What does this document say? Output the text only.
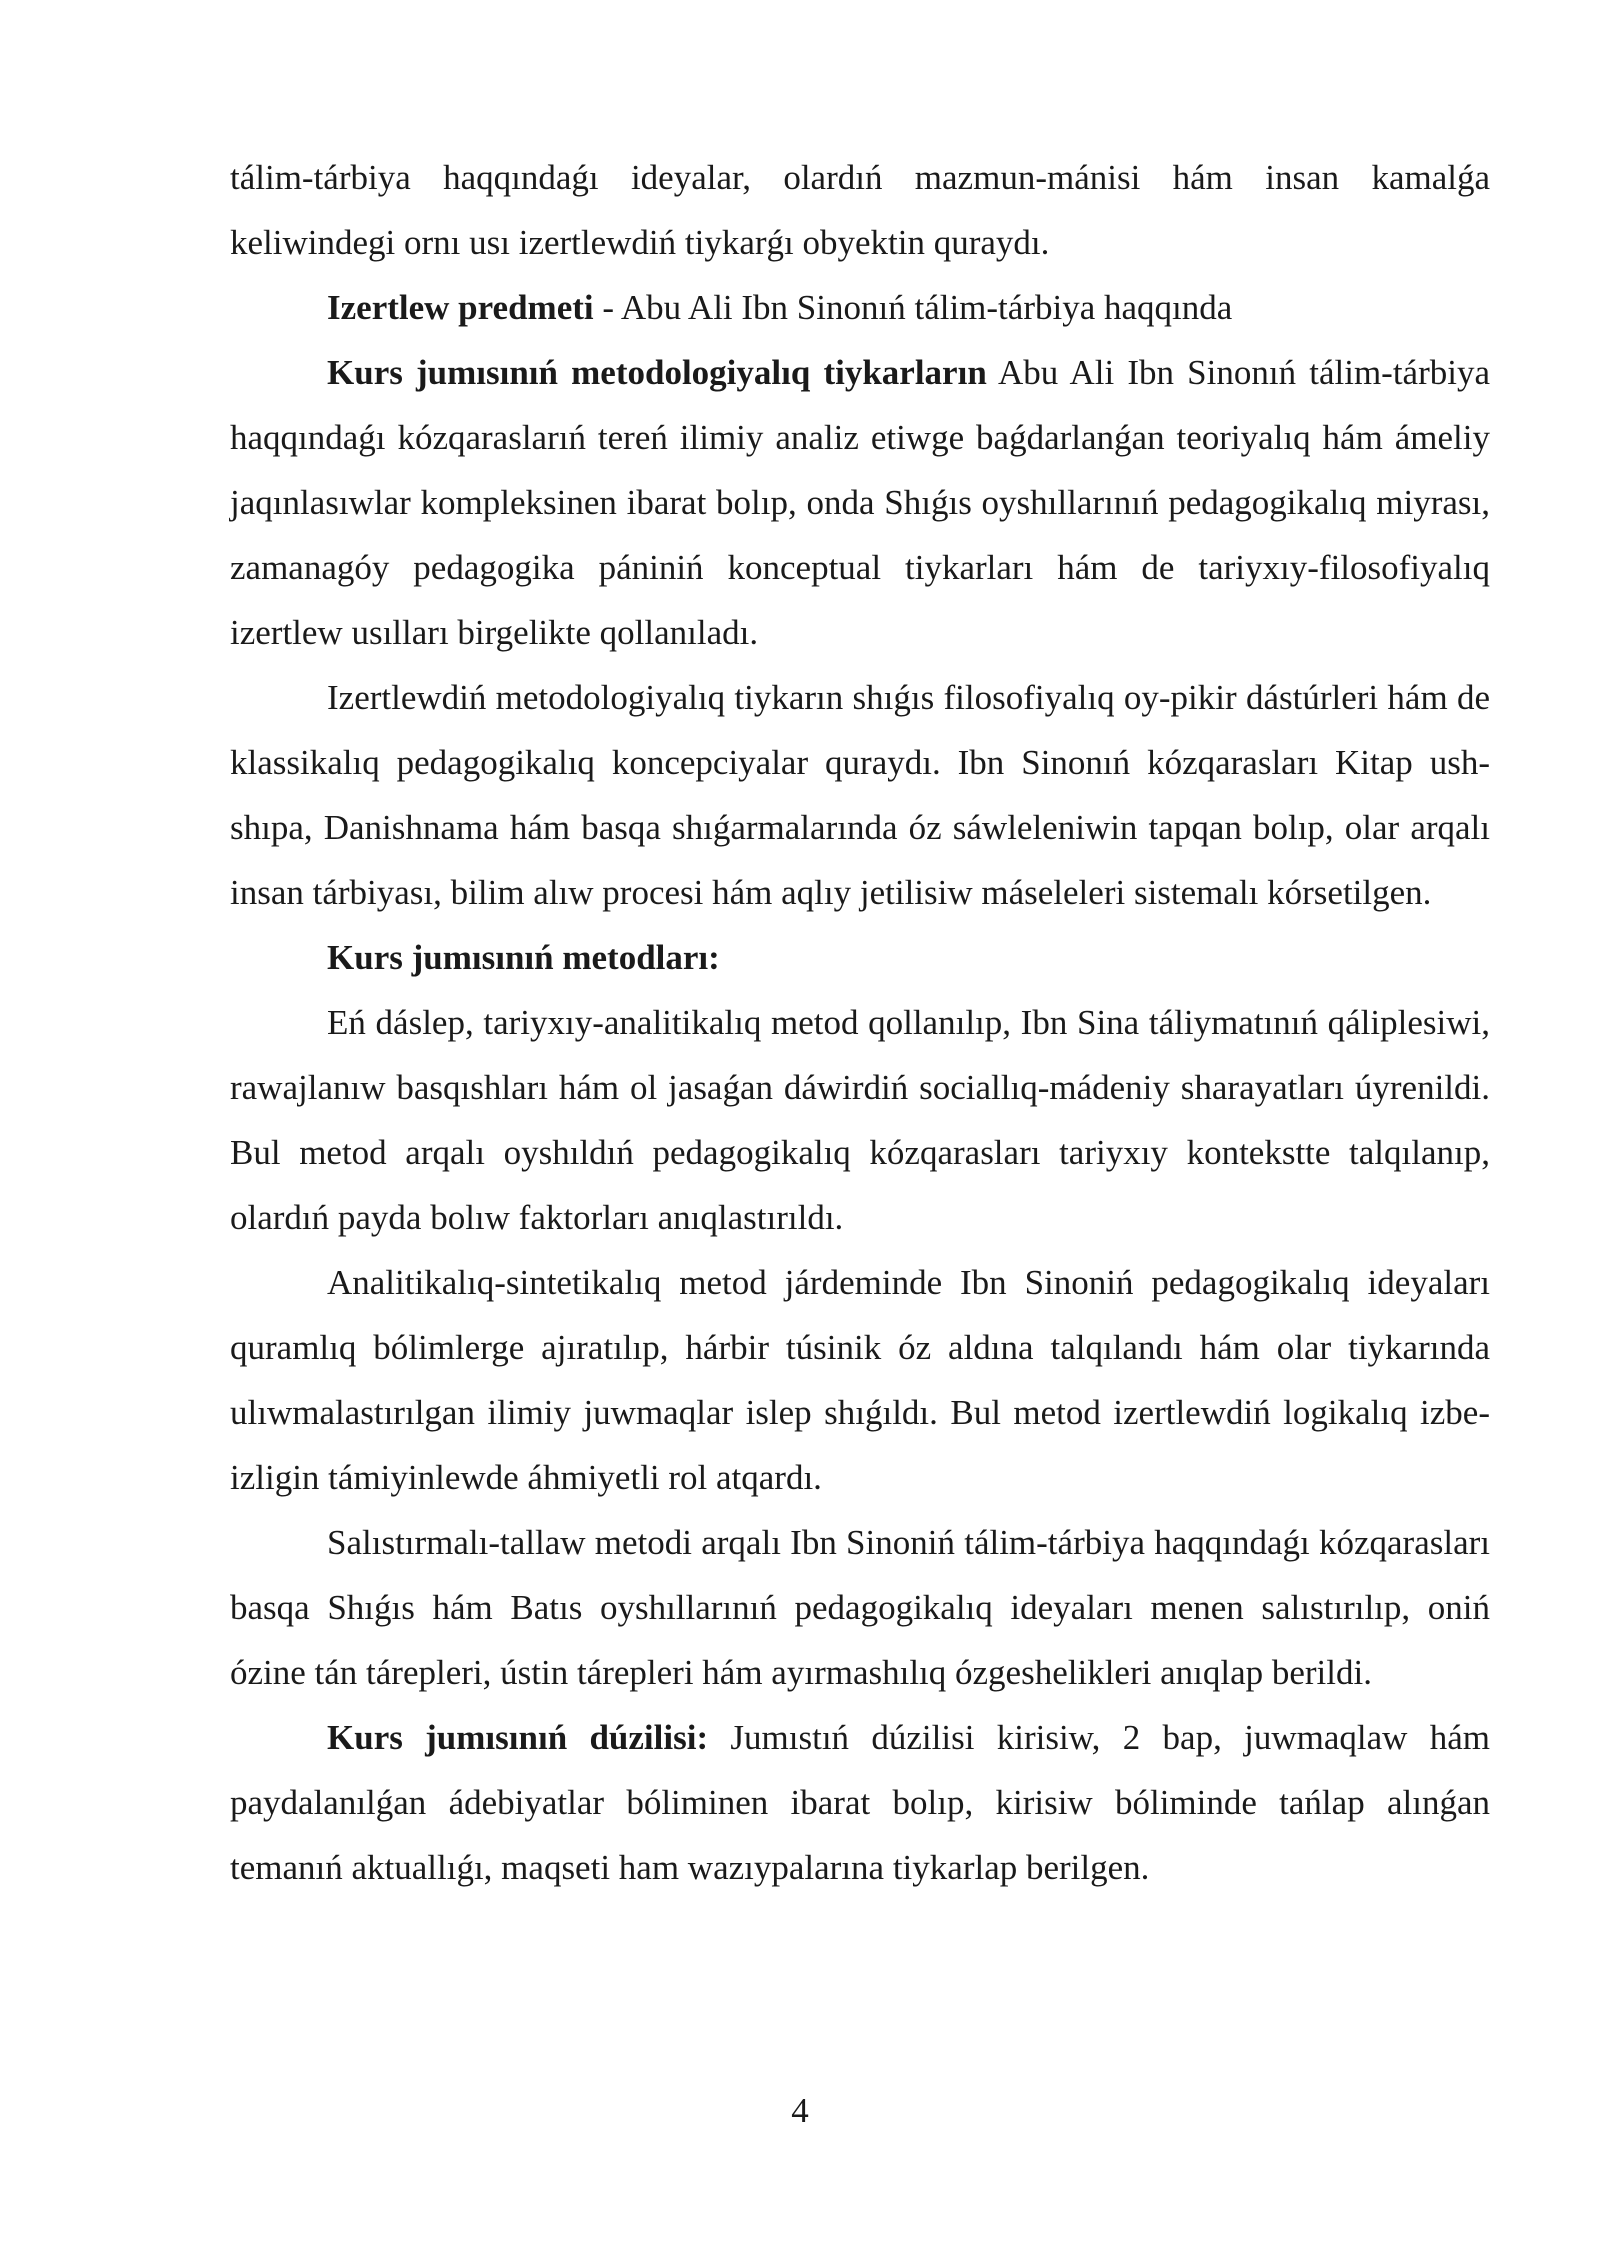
tálim-tárbiya haqqındaǵı ideyalar, olardıń mazmun-mánisi hám insan kamalǵa keliwindegi ornı usı izertlewdiń tiykarǵı obyektin quraydı.

Izertlew predmeti - Abu Ali Ibn Sinonıń tálim-tárbiya haqqında

Kurs jumısınıń metodologiyalıq tiykarların Abu Ali Ibn Sinonıń tálim-tárbiya haqqındaǵı kózqaraslarıń tereń ilimiy analiz etiwge baǵdarlanǵan teoriyalıq hám ámeliy jaqınlasıwlar kompleksinen ibarat bolıp, onda Shıǵıs oyshıllarınıń pedagogikalıq miyrası, zamanagóy pedagogika pániniń konceptual tiykarları hám de tariyxıy-filosofiyalıq izertlew usılları birgelikte qollanıladı.

Izertlewdiń metodologiyalıq tiykarın shıǵıs filosofiyalıq oy-pikir dástúrleri hám de klassikalıq pedagogikalıq koncepciyalar quraydı. Ibn Sinonıń kózqarasları Kitap ush-shıpa, Danishnama hám basqa shıǵarmalarında óz sáwleleniwin tapqan bolıp, olar arqalı insan tárbiyası, bilim alıw procesi hám aqlıy jetilisiw máseleleri sistemalı kórsetilgen.

Kurs jumısınıń metodları:

Eń dáslep, tariyxıy-analitikalıq metod qollanılıp, Ibn Sina táliymatınıń qáliplesiwi, rawajlanıw basqıshları hám ol jasaǵan dáwirdiń sociallıq-mádeniy sharayatları úyrenildi. Bul metod arqalı oyshıldıń pedagogikalıq kózqarasları tariyxıy kontekstte talqılanıp, olardıń payda bolıw faktorları anıqlastırıldı.

Analitikalıq-sintetikalıq metod járdeminde Ibn Sinoniń pedagogikalıq ideyaları quramlıq bólimlerge ajıratılıp, hárbir túsinik óz aldına talqılandı hám olar tiykarında ulıwmalastırılgan ilimiy juwmaqlar islep shıǵıldı. Bul metod izertlewdiń logikalıq izbe-izligin támiyinlewde áhmiyetli rol atqardı.

Salıstırmalı-tallaw metodi arqalı Ibn Sinoniń tálim-tárbiya haqqındaǵı kózqarasları basqa Shıǵıs hám Batıs oyshıllarınıń pedagogikalıq ideyaları menen salıstırılıp, oniń ózine tán tárepleri, ústin tárepleri hám ayırmashılıq ózgeshelikleri anıqlap berildi.

Kurs jumısınıń dúzilisi: Jumıstıń dúzilisi kirisiw, 2 bap, juwmaqlaw hám paydalanılǵan ádebiyatlar bóliminen ibarat bolıp, kirisiw bóliminde tańlap alınǵan temanıń aktuallıǵı, maqseti ham wazıypalarına tiykarlap berilgen.

4
